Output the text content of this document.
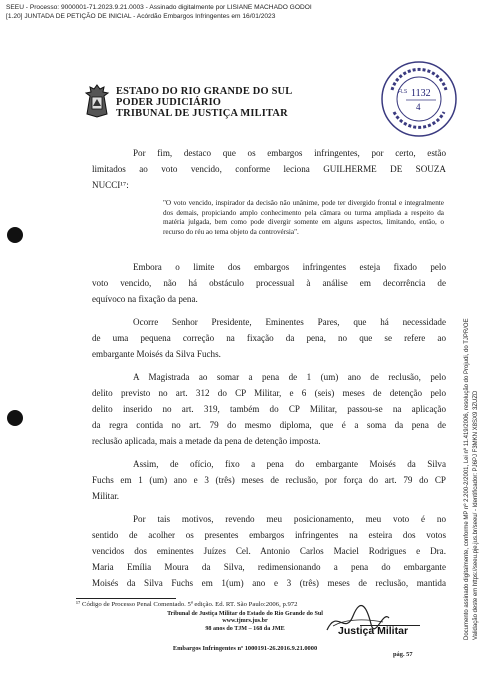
SEEU - Processo: 9000001-71.2023.9.21.0003 - Assinado digitalmente por LISIANE MACHADO GODOI
[1.20] JUNTADA DE PETIÇÃO DE INICIAL - Acórdão Embargos Infringentes em 16/01/2023
Documento assinado digitalmente, conforme MP nº 2.200-2/2001, Lei nº 11.419/2006, resolução do Projudi, do TJPR/OE Validação deste em https://seeu.pje.jus.br/seeu/ - Identificador: PJ6PJ F3MKN X8SX9 3ZUZD
ESTADO DO RIO GRANDE DO SUL
PODER JUDICIÁRIO
TRIBUNAL DE JUSTIÇA MILITAR
FLS 1132
4
Por fim, destaco que os embargos infringentes, por certo, estão
limitados ao voto vencido, conforme leciona GUILHERME DE SOUZA
NUCCI¹⁷:
"O voto vencido, inspirador da decisão não unânime, pode ter divergido frontal e integralmente dos demais, propiciando amplo conhecimento pela câmara ou turma ampliada a respeito da matéria julgada, bem como pode divergir somente em alguns aspectos, limitando, então, o recurso do réu ao tema objeto da controvérsia".
Embora o limite dos embargos infringentes esteja fixado pelo
voto vencido, não há obstáculo processual à análise em decorrência de
equívoco na fixação da pena.
Ocorre Senhor Presidente, Eminentes Pares, que há necessidade
de uma pequena correção na fixação da pena, no que se refere ao
embargante Moisés da Silva Fuchs.
A Magistrada ao somar a pena de 1 (um) ano de reclusão, pelo
delito previsto no art. 312 do CP Militar, e 6 (seis) meses de detenção pelo
delito inserido no art. 319, também do CP Militar, passou-se na aplicação
da regra contida no art. 79 do mesmo diploma, que é a soma da pena de
reclusão aplicada, mais a metade da pena de detenção imposta.
Assim, de ofício, fixo a pena do embargante Moisés da Silva
Fuchs em 1 (um) ano e 3 (três) meses de reclusão, por força do art. 79 do CP
Militar.
Por tais motivos, revendo meu posicionamento, meu voto é no
sentido de acolher os presentes embargos infringentes na esteira dos votos
vencidos dos eminentes Juízes Cel. Antonio Carlos Maciel Rodrigues e Dra.
Maria Emília Moura da Silva, redimensionando a pena do embargante
Moisés da Silva Fuchs em 1(um) ano e 3 (três) meses de reclusão, mantida
¹⁷ Código de Processo Penal Comentado. 5ª edição. Ed. RT. São Paulo:2006, p.972
Tribunal de Justiça Militar do Estado do Rio Grande do Sul
www.tjmrs.jus.br
98 anos do TJM – 168 da JME
Embargos Infringentes nº 1000191-26.2016.9.21.0000
pág. 57
Justiça Militar
